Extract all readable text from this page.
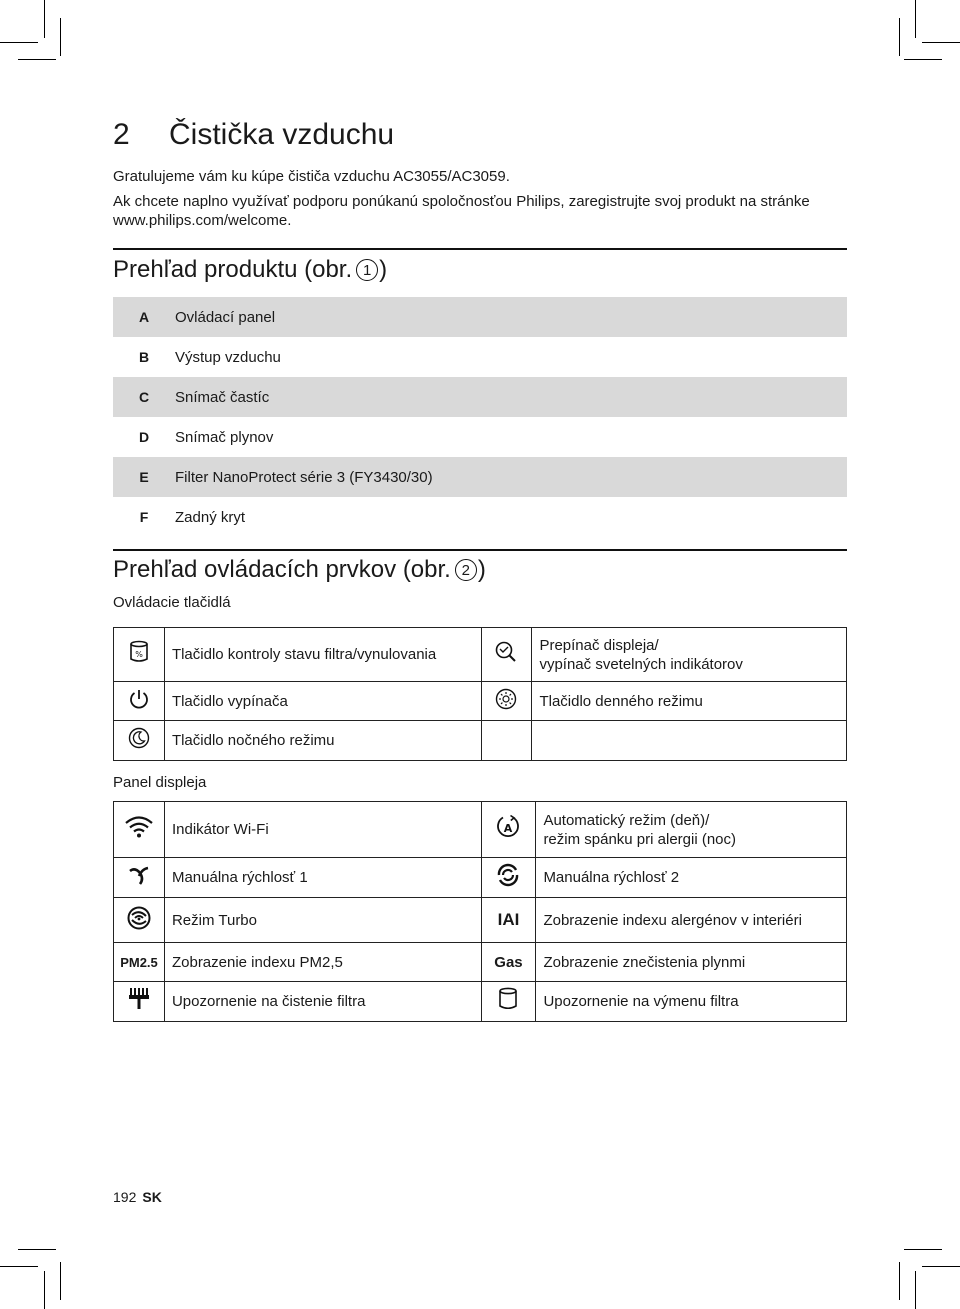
2	Čistička vzduchu

Gratulujeme vám ku kúpe čističa vzduchu AC3055/AC3059.

Ak chcete naplno využívať podporu ponúkanú spoločnosťou Philips, zaregistrujte svoj produkt na stránke www.philips.com/welcome.

Prehľad produktu (obr. 1 )
A	Ovládací panel
B	Výstup vzduchu
C	Snímač častíc
D	Snímač plynov
E	Filter NanoProtect série 3 (FY3430/30)
F	Zadný kryt
Prehľad ovládacích prvkov (obr. 2 )
Ovládacie tlačidlá
%	Tlačidlo kontroly stavu filtra/vynulovania		Prepínač displeja/
vypínač svetelných indikátorov

	Tlačidlo vypínača		Tlačidlo denného režimu

	Tlačidlo nočného režimu		
Panel displeja
	Indikátor Wi-Fi	A	Automatický režim (deň)/
režim spánku pri alergii (noc)

	Manuálna rýchlosť 1		Manuálna rýchlosť 2

	Režim Turbo	IAI	Zobrazenie indexu alergénov v interiéri
PM2.5	Zobrazenie indexu PM2,5	Gas	Zobrazenie znečistenia plynmi

	Upozornenie na čistenie filtra		Upozornenie na výmenu filtra
192 SK
